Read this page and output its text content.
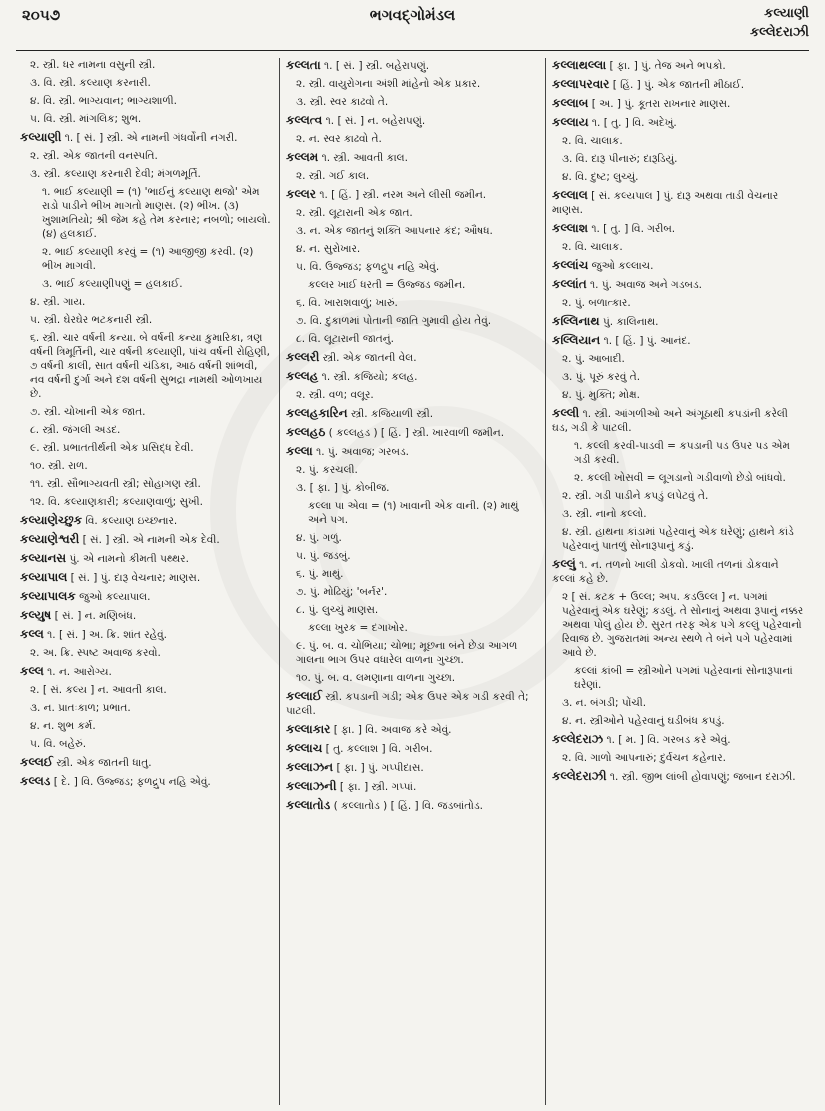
૨૦૫૭	ભગવદ્ગોમંડલ	કલ્યાણી
કલ્લેદરાઝી

૨. સ્ત્રી. ધર નામના વસુની સ્ત્રી.

૩. વિ. સ્ત્રી. કલ્યાણ કરનારી.

૪. વિ. સ્ત્રી. ભાગ્યવાન; ભાગ્યશાળી.

૫. વિ. સ્ત્રી. માંગલિક; શુભ.

કલ્યાણી ૧. [ સં. ] સ્ત્રી. એ નામની ગંધર્વોની નગરી.

૨. સ્ત્રી. એક જાતની વનસ્પતિ.

૩. સ્ત્રી. કલ્યાણ કરનારી દેવી; મંગળમૂર્તિ.

૧. ભાઈ કલ્યાણી = (૧) 'ભાઈનું કલ્યાણ થજો' એમ રાડો પાડીને ભીખ માગતો માણસ. (૨) ભીખ. (૩) ખુશામતિયો; શ્રી જેમ કહે તેમ કરનાર; નબળો; બાયલો. (૪) હલકાઈ.

૨. ભાઈ કલ્યાણી કરવું = (૧) આજીજી કરવી. (૨) ભીખ માગવી.

૩. ભાઈ કલ્યાણીપણું = હલકાઈ.

૪. સ્ત્રી. ગાય.

૫. સ્ત્રી. ઘેરઘેર ભટકનારી સ્ત્રી.

૬. સ્ત્રી. ચાર વર્ષની કન્યા. બે વર્ષની કન્યા કુમારિકા, ત્રણ વર્ષની ત્રિમૂર્તિની, ચાર વર્ષની કલ્યાણી, પાંચ વર્ષની રોહિણી, ૭ વર્ષની કાલી, સાત વર્ષની ચંડિકા, આઠ વર્ષની શાંભવી, નવ વર્ષની દુર્ગા અને દશ વર્ષની સુભદ્રા નામથી ઓળખાય છે.

૭. સ્ત્રી. ચોખાની એક જાત.

૮. સ્ત્રી. જંગલી અડદ.

૯. સ્ત્રી. પ્રભાતતીર્થની એક પ્રસિદ્ધ દેવી.

૧૦. સ્ત્રી. રાળ.

૧૧. સ્ત્રી. સૌભાગ્યવતી સ્ત્રી; સોહાગણ સ્ત્રી.

૧૨. વિ. કલ્યાણકારી; કલ્યાણવાળું; સુખી.

કલ્યાણેચ્છુક વિ. કલ્યાણ ઇચ્છનાર.

કલ્યાણેશ્વરી [ સં. ] સ્ત્રી. એ નામની એક દેવી.

કલ્યાનસ પું. એ નામનો કીમતી પથ્થર.

કલ્યાપાલ [ સં. ] પું. દારૂ વેચનાર; માણસ.

કલ્યાપાલક જુઓ કલ્યાપાલ.

કલ્યુષ [ સં. ] ન. મણિબંધ.

કલ્લ ૧. [ સં. ] અ. ક્રિ. શાંત રહેવું.

૨. અ. ક્રિ. સ્પષ્ટ અવાજ કરવો.

કલ્લ ૧. ન. આરોગ્ય.

૨. [ સં. કલ્ય ] ન. આવતી કાલ.

૩. ન. પ્રાતઃકાળ; પ્રભાત.

૪. ન. શુભ કર્મ.

૫. વિ. બહેરું.

કલ્લઈ સ્ત્રી. એક જાતની ધાતુ.

કલ્લડ [ દે. ] વિ. ઉજ્જડ; ફળદ્રુપ નહિ એવું.

કલ્લતા ૧. [ સં. ] સ્ત્રી. બહેરાપણું.

૨. સ્ત્રી. વાયુરોગના અંશી માંહેનો એક પ્રકાર.

૩. સ્ત્રી. સ્વર કાઢવો તે.

કલ્લત્વ ૧. [ સં. ] ન. બહેરાપણું.

૨. ન. સ્વર કાઢવો તે.

કલ્લમ ૧. સ્ત્રી. આવતી કાલ.

૨. સ્ત્રી. ગઈ કાલ.

કલ્લર ૧. [ હિં. ] સ્ત્રી. નરમ અને લીસી જમીન.

૨. સ્ત્રી. લૂટારાની એક જાત.

૩. ન. એક જાતનું શક્તિ આપનાર કંદ; ઔષધ.

૪. ન. સુરોખાર.

૫. વિ. ઉજ્જડ; ફળદ્રુપ નહિ એવું.

કલ્લર ખાઈ ધરતી = ઉજ્જડ જમીન.

૬. વિ. ખારાશવાળું; ખારું.

૭. વિ. દુકાળમાં પોતાની જાતિ ગુમાવી હોય તેવું.

૮. વિ. લૂટારાની જાતનું.

કલ્લરી સ્ત્રી. એક જાતની વેલ.

કલ્લહ ૧. સ્ત્રી. કજિયો; કલહ.

૨. સ્ત્રી. વળ; વલૂર.

કલ્લહકારિન સ્ત્રી. કજિયાળી સ્ત્રી.

કલ્લહઠ ( કલ્લહડ ) [ હિં. ] સ્ત્રી. ખારવાળી જમીન.

કલ્લા ૧. પું. અવાજ; ગરબડ.

૨. પું. કરચલી.

૩. [ ફા. ] પું. કોબીજ.

કલ્લા પા એવા = (૧) ખાવાની એક વાની. (૨) માથું અને પગ.

૪. પું. ગળું.

૫. પું. જડબું.

૬. પું. માથું.

૭. પું. મોઢિયું; 'બર્નર'.

૮. પું. લુચ્ચું માણસ.

કલ્લા ખુરક = દગાખોર.

૯. પું. બ. વ. ચોભિયા; ચોભા; મૂછના બંને છેડા આગળ ગાલના ભાગ ઉપર વધારેલ વાળના ગુચ્છા.

૧૦. પું. બ. વ. લમણાના વાળના ગુચ્છા.

કલ્લાઈ સ્ત્રી. કપડાની ગડી; એક ઉપર એક ગડી કરવી તે; પાટલી.

કલ્લાકાર [ ફા. ] વિ. અવાજ કરે એવું.

કલ્લાચ [ તુ. કલ્લાશ ] વિ. ગરીબ.

કલ્લાઝન [ ફા. ] પું. ગપ્પીદાસ.

કલ્લાઝની [ ફા. ] સ્ત્રી. ગપ્પાં.

કલ્લાતોડ ( કલ્લાતોડ ) [ હિં. ] વિ. જડબાંતોડ.

કલ્લાથલ્લા [ ફા. ] પું. તેજ અને ભપકો.

કલ્લાપરવાર [ હિં. ] પું. એક જાતની મીઠાઈ.

કલ્લાબ [ અ. ] પું. કૂતરા રાખનાર માણસ.

કલ્લાય ૧. [ તુ. ] વિ. અદેખું.

૨. વિ. ચાલાક.

૩. વિ. દારૂ પીનારું; દારૂડિયું.

૪. વિ. દુષ્ટ; લુચ્ચું.

કલ્લાલ [ સં. કલ્યપાલ ] પું. દારૂ અથવા તાડી વેચનાર માણસ.

કલ્લાશ ૧. [ તુ. ] વિ. ગરીબ.

૨. વિ. ચાલાક.

કલ્લાંચ જુઓ કલ્લાચ.

કલ્લાંત ૧. પું. અવાજ અને ગડબડ.

૨. પું. બળાત્કાર.

કલ્લિનાથ પું. કાલિનાથ.

કલ્લિયાન ૧. [ હિં. ] પું. આનંદ.

૨. પું. આબાદી.

૩. પું. પૂરું કરવું તે.

૪. પું. મુક્તિ; મોક્ષ.

કલ્લી ૧. સ્ત્રી. આંગળીઓ અને અંગૂઠાથી કપડાંની કરેલી ઘડ, ગડી કે પાટલી.

૧. કલ્લી કરવી-પાડવી = કપડાની પડ ઉપર પડ એમ ગડી કરવી.

૨. કલ્લી ખોસવી = લૂગડાનો ગડીવાળો છેડો બાંધવો.

૨. સ્ત્રી. ગડી પાડીને કપડું લપેટવું તે.

૩. સ્ત્રી. નાનો કલ્લો.

૪. સ્ત્રી. હાથના કાંડામાં પહેરવાનું એક ઘરેણું; હાથને કાંડે પહેરવાનું પાતળું સોનારૂપાનું કડું.

કલ્લું ૧. ન. તળનો ખાલી ડોકવો. ખાલી તળનાં ડોકવાને કલ્લાં કહે છે.

૨ [ સં. કટક + ઉલ્લ; અપ. કડઉલ્લ ] ન. પગમાં પહેરવાનું એક ઘરેણું; કડલું. તે સોનાનું અથવા રૂપાનું નક્કર અથવા પોલું હોય છે. સુરત તરફ એક પગે કલ્લું પહેરવાનો રિવાજ છે. ગુજરાતમાં અન્ય સ્થળે તે બંને પગે પહેરવામાં આવે છે.

કલ્લાં કાંબી = સ્ત્રીઓને પગમાં પહેરવાનાં સોનારૂપાનાં ઘરેણાં.

૩. ન. બંગડી; પોંચી.

૪. ન. સ્ત્રીઓને પહેરવાનું ઘડીબંધ કપડું.

કલ્લેદરાઝ ૧. [ મ. ] વિ. ગરબડ કરે એવું.

૨. વિ. ગાળો આપનારું; દુર્વચન કહેનાર.

કલ્લેદરાઝી ૧. સ્ત્રી. જીભ લાંબી હોવાપણું; જબાન દરાઝી.
